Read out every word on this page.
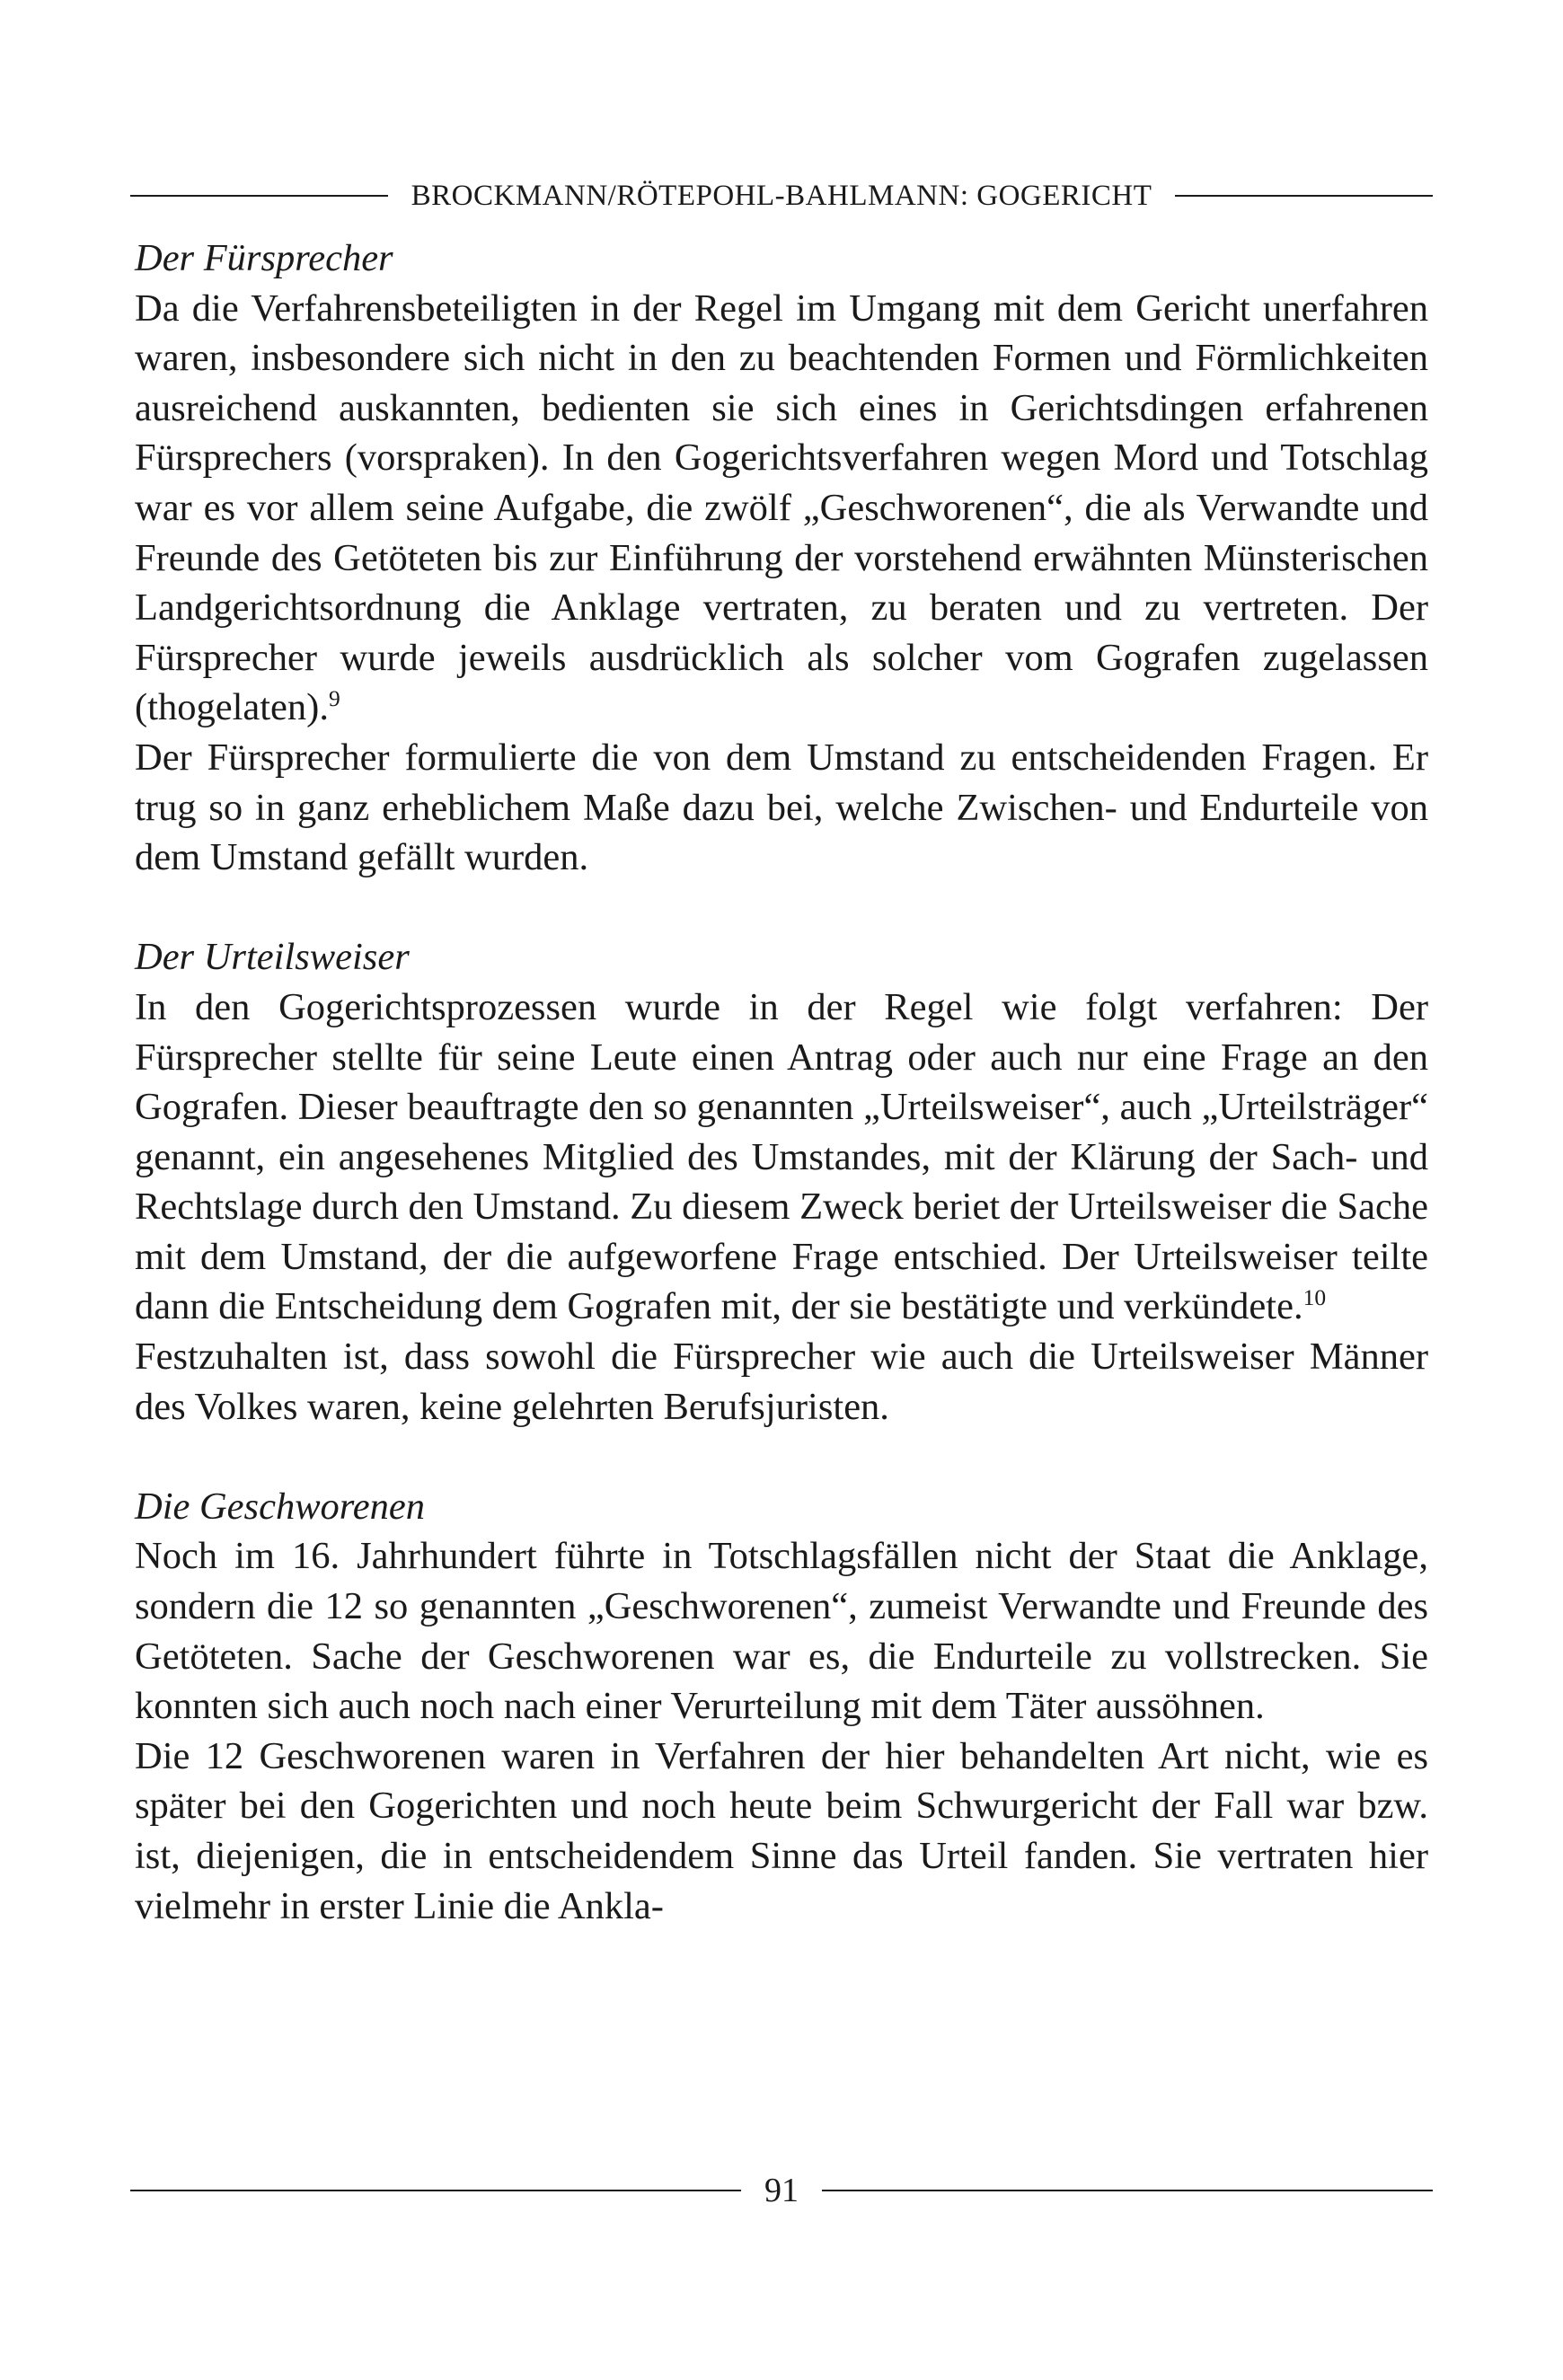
BROCKMANN/RÖTEPOHL-BAHLMANN: GOGERICHT

Der Fürsprecher

Da die Verfahrensbeteiligten in der Regel im Umgang mit dem Gericht unerfahren waren, insbesondere sich nicht in den zu beachtenden Formen und Förmlichkeiten ausreichend auskannten, bedienten sie sich eines in Gerichtsdingen erfahrenen Fürsprechers (vorspraken). In den Gogerichtsverfahren wegen Mord und Totschlag war es vor allem seine Aufgabe, die zwölf „Geschworenen“, die als Verwandte und Freunde des Getöteten bis zur Einführung der vorstehend erwähnten Münsterischen Landgerichtsordnung die Anklage vertraten, zu beraten und zu vertreten. Der Fürsprecher wurde jeweils ausdrücklich als solcher vom Gografen zugelassen (thogelaten).$^9$

Der Fürsprecher formulierte die von dem Umstand zu entscheidenden Fragen. Er trug so in ganz erheblichem Maße dazu bei, welche Zwischen- und Endurteile von dem Umstand gefällt wurden.

Der Urteilsweiser

In den Gogerichtsprozessen wurde in der Regel wie folgt verfahren: Der Fürsprecher stellte für seine Leute einen Antrag oder auch nur eine Frage an den Gografen. Dieser beauftragte den so genannten „Urteilsweiser“, auch „Urteilsträger“ genannt, ein angesehenes Mitglied des Umstandes, mit der Klärung der Sach- und Rechtslage durch den Umstand. Zu diesem Zweck beriet der Urteilsweiser die Sache mit dem Umstand, der die aufgeworfene Frage entschied. Der Urteilsweiser teilte dann die Entscheidung dem Gografen mit, der sie bestätigte und verkündete.$^{10}$

Festzuhalten ist, dass sowohl die Fürsprecher wie auch die Urteilsweiser Männer des Volkes waren, keine gelehrten Berufsjuristen.

Die Geschworenen

Noch im 16. Jahrhundert führte in Totschlagsfällen nicht der Staat die Anklage, sondern die 12 so genannten „Geschworenen“, zumeist Verwandte und Freunde des Getöteten. Sache der Geschworenen war es, die Endurteile zu vollstrecken. Sie konnten sich auch noch nach einer Verurteilung mit dem Täter aussöhnen.

Die 12 Geschworenen waren in Verfahren der hier behandelten Art nicht, wie es später bei den Gogerichten und noch heute beim Schwurgericht der Fall war bzw. ist, diejenigen, die in entscheidendem Sinne das Urteil fanden. Sie vertraten hier vielmehr in erster Linie die Ankla-

91
